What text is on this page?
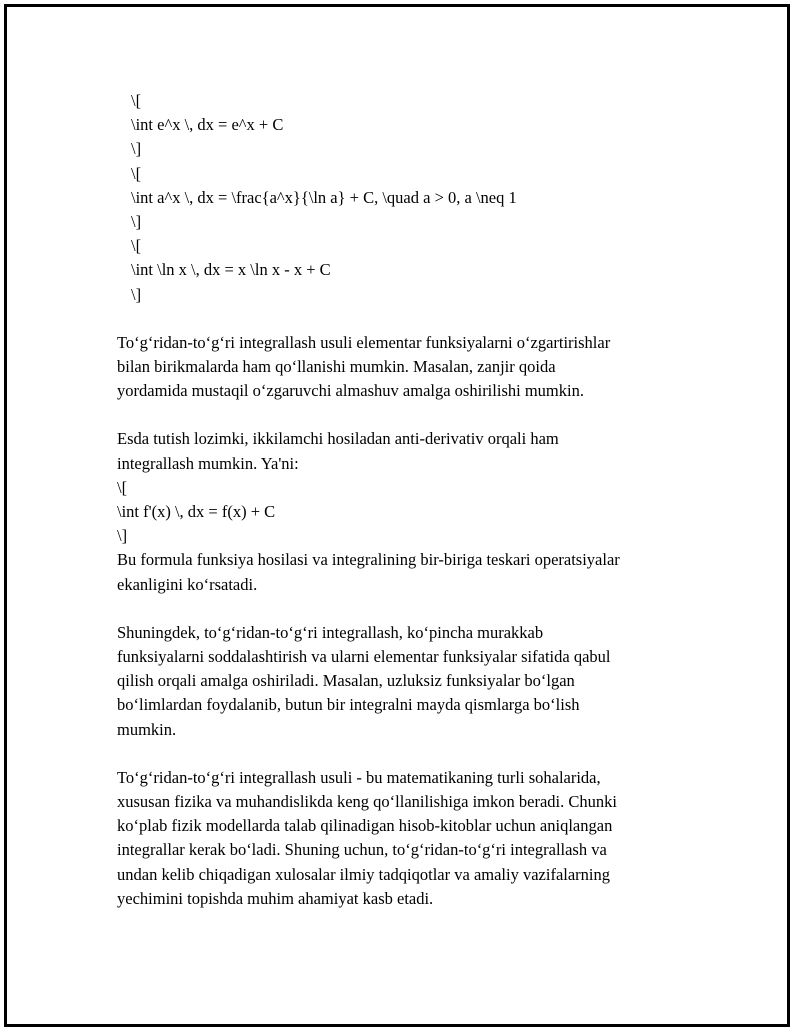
\[
\int e^x \, dx = e^x + C
\]
\[
\int a^x \, dx = \frac{a^x}{\ln a} + C, \quad a > 0, a \neq 1
\]
\[
\int \ln x \, dx = x \ln x - x + C
\]
To‘g‘ridan-to‘g‘ri integrallash usuli elementar funksiyalarni o‘zgartirishlar
bilan birikmalarda ham qo‘llanishi mumkin. Masalan, zanjir qoida
yordamida mustaqil o‘zgaruvchi almashuv amalga oshirilishi mumkin.
Esda tutish lozimki, ikkilamchi hosiladan anti-derivativ orqali ham
integrallash mumkin. Ya'ni:
\[
\int f'(x) \, dx = f(x) + C
\]
Bu formula funksiya hosilasi va integralining bir-biriga teskari operatsiyalar
ekanligini ko‘rsatadi.
Shuningdek, to‘g‘ridan-to‘g‘ri integrallash, ko‘pincha murakkab
funksiyalarni soddalashtirish va ularni elementar funksiyalar sifatida qabul
qilish orqali amalga oshiriladi. Masalan, uzluksiz funksiyalar bo‘lgan
bo‘limlardan foydalanib, butun bir integralni mayda qismlarga bo‘lish
mumkin.
To‘g‘ridan-to‘g‘ri integrallash usuli - bu matematikaning turli sohalarida,
xususan fizika va muhandislikda keng qo‘llanilishiga imkon beradi. Chunki
ko‘plab fizik modellarda talab qilinadigan hisob-kitoblar uchun aniqlangan
integrallar kerak bo‘ladi. Shuning uchun, to‘g‘ridan-to‘g‘ri integrallash va
undan kelib chiqadigan xulosalar ilmiy tadqiqotlar va amaliy vazifalarning
yechimini topishda muhim ahamiyat kasb etadi.
